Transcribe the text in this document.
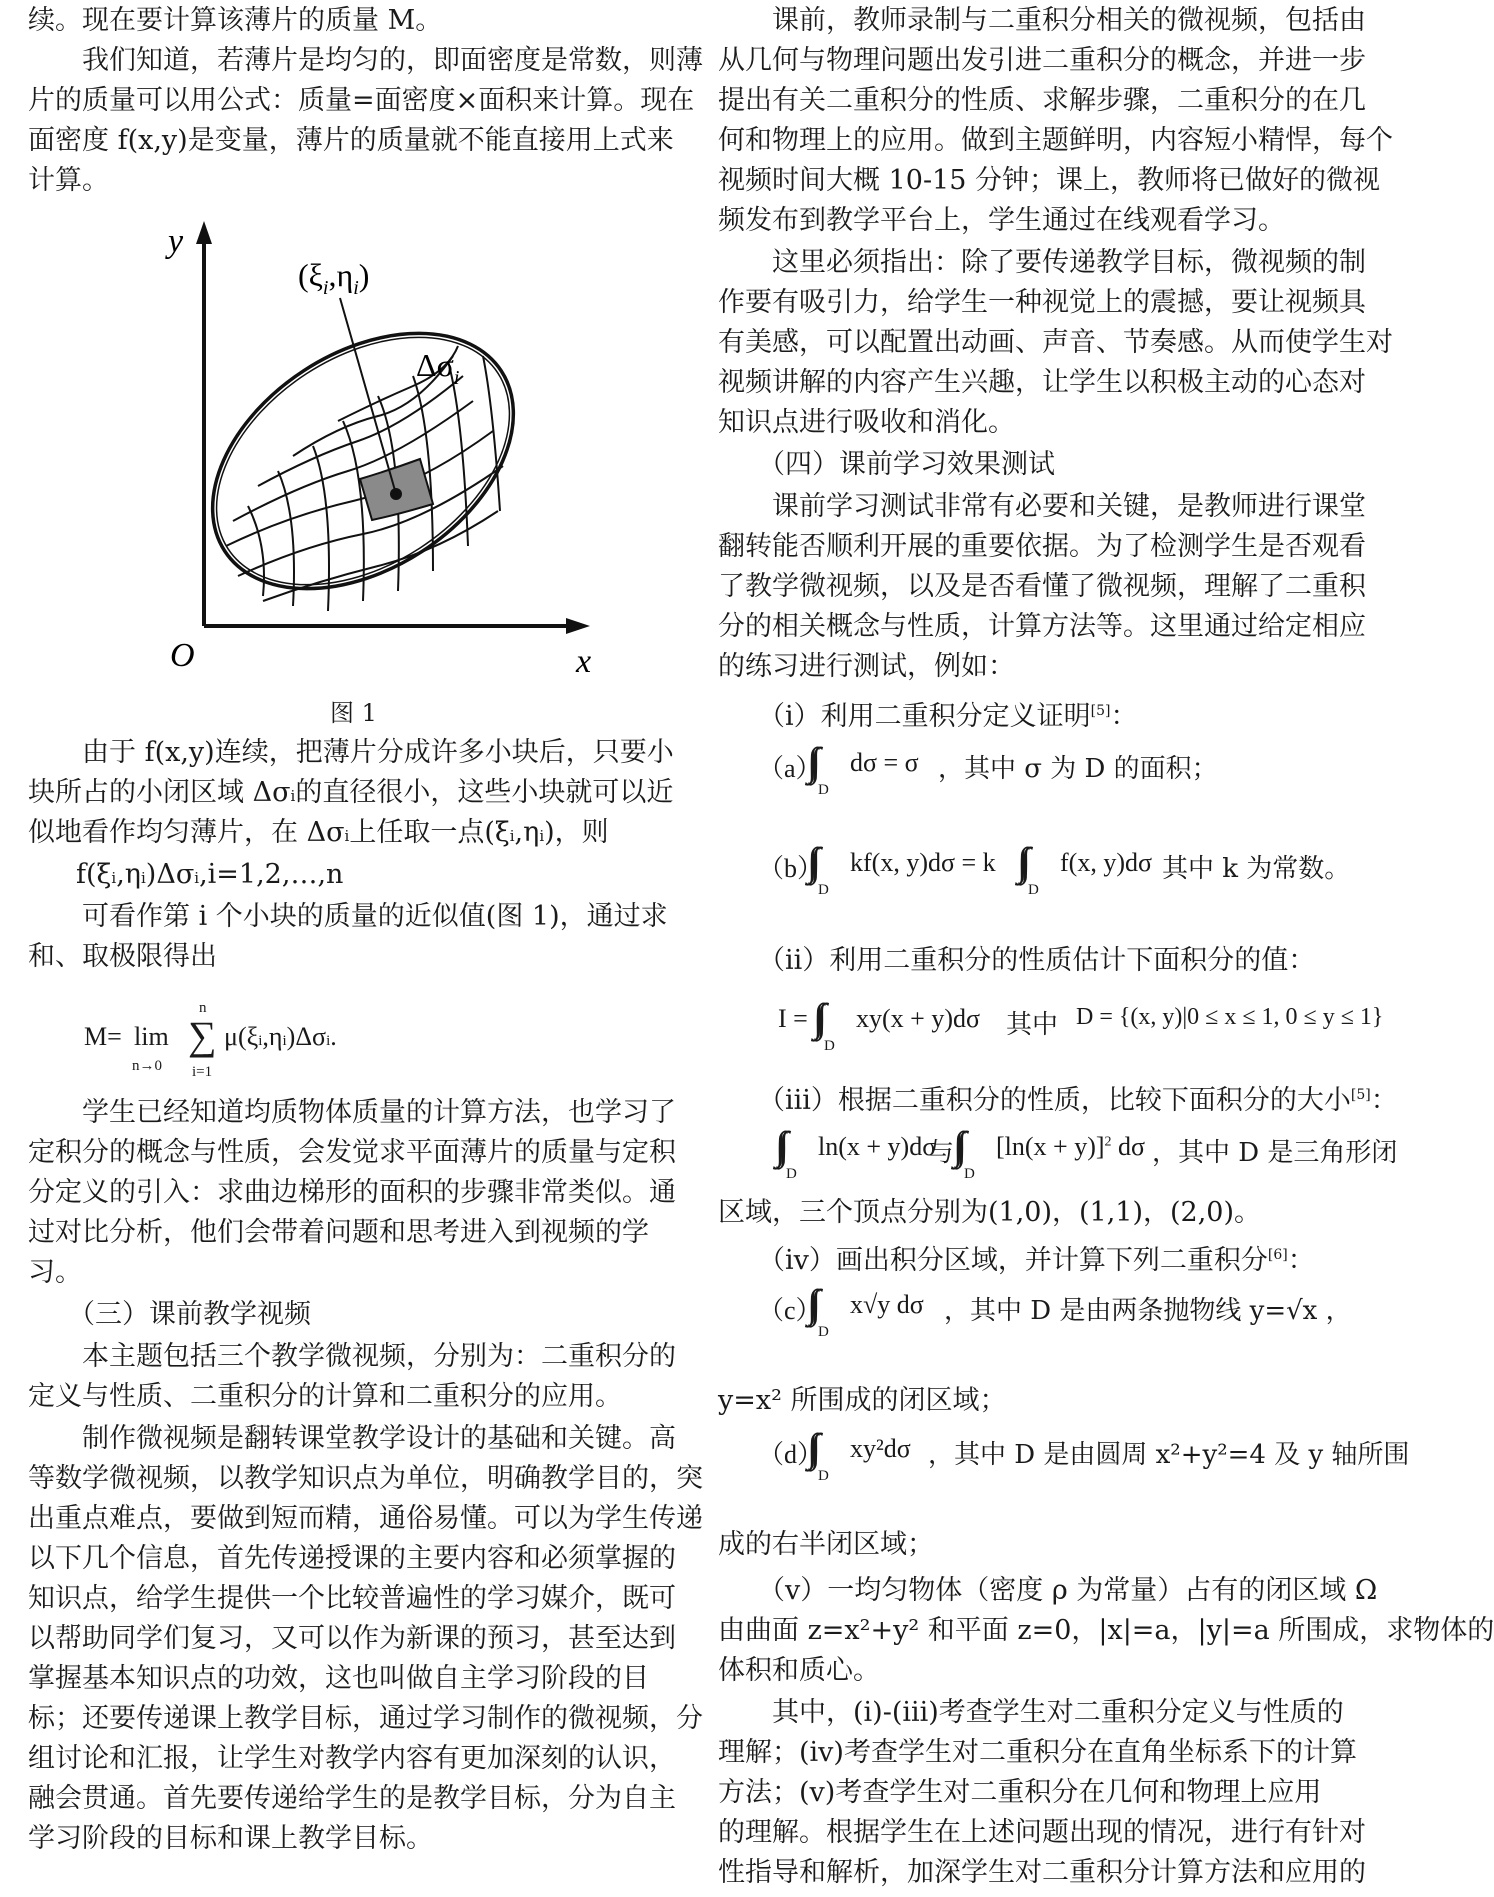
续。现在要计算该薄片的质量 M。
我们知道，若薄片是均匀的，即面密度是常数，则薄
片的质量可以用公式：质量=面密度×面积来计算。现在
面密度 f(x,y)是变量，薄片的质量就不能直接用上式来
计算。
y
x
O
$(\xi_i,\eta_i)$
$\Delta\sigma_i$
图 1
由于 f(x,y)连续，把薄片分成许多小块后，只要小
块所占的小闭区域 Δσi的直径很小，这些小块就可以近
似地看作均匀薄片，在 Δσi上任取一点(ξi,ηi)，则
f(ξi,ηi)Δσi,i=1,2,…,n
可看作第 i 个小块的质量的近似值(图 1)，通过求
和、取极限得出
M= lim
n→0
n
∑
i=1
μ(ξi,ηi)Δσi.
学生已经知道均质物体质量的计算方法，也学习了
定积分的概念与性质，会发觉求平面薄片的质量与定积
分定义的引入：求曲边梯形的面积的步骤非常类似。通
过对比分析，他们会带着问题和思考进入到视频的学
习。
（三）课前教学视频
本主题包括三个教学微视频，分别为：二重积分的
定义与性质、二重积分的计算和二重积分的应用。
制作微视频是翻转课堂教学设计的基础和关键。高
等数学微视频，以教学知识点为单位，明确教学目的，突
出重点难点，要做到短而精，通俗易懂。可以为学生传递
以下几个信息，首先传递授课的主要内容和必须掌握的
知识点，给学生提供一个比较普遍性的学习媒介，既可
以帮助同学们复习，又可以作为新课的预习，甚至达到
掌握基本知识点的功效，这也叫做自主学习阶段的目
标；还要传递课上教学目标，通过学习制作的微视频，分
组讨论和汇报，让学生对教学内容有更加深刻的认识，
融会贯通。首先要传递给学生的是教学目标，分为自主
学习阶段的目标和课上教学目标。
课前，教师录制与二重积分相关的微视频，包括由
从几何与物理问题出发引进二重积分的概念，并进一步
提出有关二重积分的性质、求解步骤，二重积分的在几
何和物理上的应用。做到主题鲜明，内容短小精悍，每个
视频时间大概 10-15 分钟；课上，教师将已做好的微视
频发布到教学平台上，学生通过在线观看学习。
这里必须指出：除了要传递教学目标，微视频的制
作要有吸引力，给学生一种视觉上的震撼，要让视频具
有美感，可以配置出动画、声音、节奏感。从而使学生对
视频讲解的内容产生兴趣，让学生以积极主动的心态对
知识点进行吸收和消化。
（四）课前学习效果测试
课前学习测试非常有必要和关键，是教师进行课堂
翻转能否顺利开展的重要依据。为了检测学生是否观看
了教学微视频，以及是否看懂了微视频，理解了二重积
分的相关概念与性质，计算方法等。这里通过给定相应
的练习进行测试，例如：
（i）利用二重积分定义证明[5]：
（a）
D
dσ = σ ，其中 σ 为 D 的面积；
（b）
D
kf(x, y)dσ = k
D
f(x, y)dσ 其中 k 为常数。
（ii）利用二重积分的性质估计下面积分的值：
I =
D
xy(x + y)dσ 其中 D = {(x, y)|0 ≤ x ≤ 1, 0 ≤ y ≤ 1}
（iii）根据二重积分的性质，比较下面积分的大小[5]：
D
ln(x + y)dσ
与
D
$[\ln(x + y)]^2$ dσ ，其中 D 是三角形闭
区域，三个顶点分别为(1,0)，(1,1)，(2,0)。
（iv）画出积分区域，并计算下列二重积分[6]：
（c）
D
x√y dσ ，其中 D 是由两条抛物线 y=√x ，
y=x² 所围成的闭区域；
（d）
D
xy²dσ ，其中 D 是由圆周 x²+y²=4 及 y 轴所围
成的右半闭区域；
（v）一均匀物体（密度 ρ 为常量）占有的闭区域 Ω
由曲面 z=x²+y² 和平面 z=0，|x|=a，|y|=a 所围成，求物体的
体积和质心。
其中，(i)-(iii)考查学生对二重积分定义与性质的
理解；(iv)考查学生对二重积分在直角坐标系下的计算
方法；(v)考查学生对二重积分在几何和物理上应用
的理解。根据学生在上述问题出现的情况，进行有针对
性指导和解析，加深学生对二重积分计算方法和应用的
